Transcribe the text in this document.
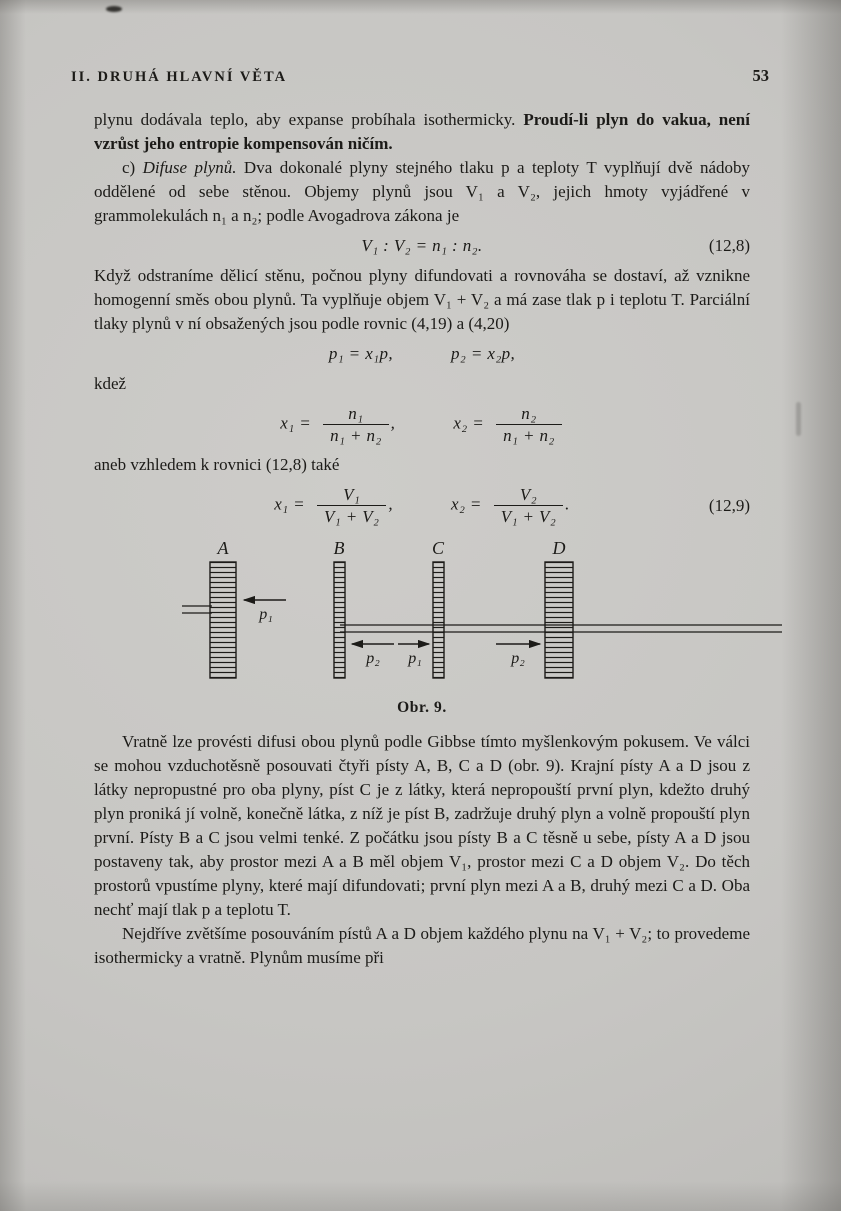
II. DRUHÁ HLAVNÍ VĚTA	53

plynu dodávala teplo, aby expanse probíhala isothermicky. Proudí-li plyn do vakua, není vzrůst jeho entropie kompensován ničím.

c) Difuse plynů. Dva dokonalé plyny stejného tlaku p a teploty T vyplňují dvě nádoby oddělené od sebe stěnou. Objemy plynů jsou V₁ a V₂, jejich hmoty vyjádřené v grammolekulách n₁ a n₂; podle Avogadrova zákona je

V₁ : V₂ = n₁ : n₂.	(12,8)

Když odstraníme dělicí stěnu, počnou plyny difundovati a rovnováha se dostaví, až vznikne homogenní směs obou plynů. Ta vyplňuje objem V₁ + V₂ a má zase tlak p i teplotu T. Parciální tlaky plynů v ní obsažených jsou podle rovnic (4,19) a (4,20)

p₁ = x₁p,	p₂ = x₂p,

kdež

$x_1 = \frac{\text{n₁}}{\text{n₁ + n₂}}$ ,	$x_2 = \frac{\text{n₂}}{\text{n₁ + n₂}}$

aneb vzhledem k rovnici (12,8) také

$x_1 = \frac{\text{V₁}}{\text{V₁ + V₂}}$ ,	$x_2 = \frac{\text{V₂}}{\text{V₁ + V₂}}$ .	(12,9)
A	B	C	D
p₁
p₂ p₁	p₂
Obr. 9.

Vratně lze provésti difusi obou plynů podle Gibbse tímto myšlenkovým pokusem. Ve válci se mohou vzduchotěsně posouvati čtyři písty A, B, C a D (obr. 9). Krajní písty A a D jsou z látky nepropustné pro oba plyny, píst C je z látky, která nepropouští první plyn, kdežto druhý plyn proniká jí volně, konečně látka, z níž je píst B, zadržuje druhý plyn a volně propouští plyn první. Písty B a C jsou velmi tenké. Z počátku jsou písty B a C těsně u sebe, písty A a D jsou postaveny tak, aby prostor mezi A a B měl objem V₁, prostor mezi C a D objem V₂. Do těch prostorů vpustíme plyny, které mají difundovati; první plyn mezi A a B, druhý mezi C a D. Oba nechť mají tlak p a teplotu T.

Nejdříve zvětšíme posouváním pístů A a D objem každého plynu na V₁ + V₂; to provedeme isothermicky a vratně. Plynům musíme při
